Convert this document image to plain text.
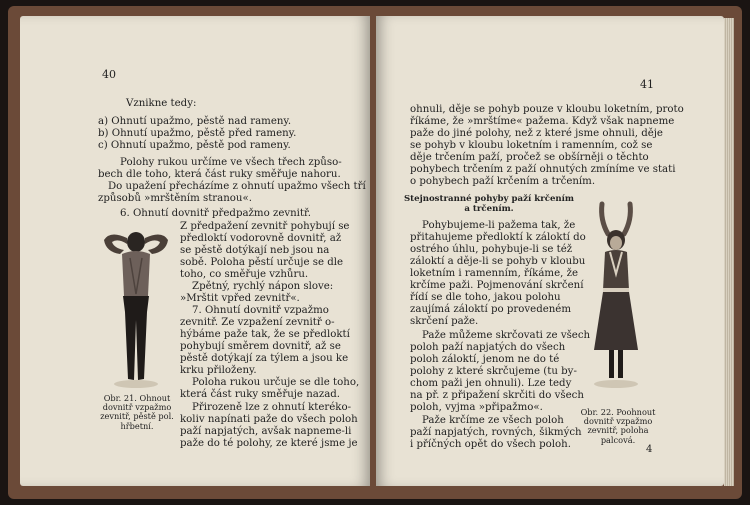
40
Vznikne tedy:
a) Ohnutí upažmo, pěstě nad rameny.
b) Ohnutí upažmo, pěstě před rameny.
c) Ohnutí upažmo, pěstě pod rameny.
Polohy rukou určíme ve všech třech způso-
bech dle toho, která část ruky směřuje nahoru.
Do upažení přecházíme z ohnutí upažmo všech tří
způsobů »mrštěním stranou«.
6. Ohnutí dovnitř předpažmo zevnitř.
Z předpažení zevnitř pohybují se
předloktí vodorovně dovnitř, až
se pěstě dotýkají neb jsou na
sobě. Poloha pěstí určuje se dle
toho, co směřuje vzhůru.
Zpětný, rychlý nápon slove:
»Mrštit vpřed zevnitř«.
7. Ohnutí dovnitř vzpažmo
zevnitř. Ze vzpažení zevnitř o-
hýbáme paže tak, že se předloktí
pohybují směrem dovnitř, až se
pěstě dotýkají za týlem a jsou ke
krku přiloženy.
Poloha rukou určuje se dle toho,
která část ruky směřuje nazad.
Přirozeně lze z ohnutí kteréko-
koliv napínati paže do všech poloh
paží napjatých, avšak napneme-li
paže do té polohy, ze které jsme je
Obr. 21. Ohnout
dovnitř vzpažmo
zevnitř, pěstě pol.
hřbetní.
41
ohnuli, děje se pohyb pouze v kloubu loketním, proto
říkáme, že »mrštíme« pažema. Když však napneme
paže do jiné polohy, než z které jsme ohnuli, děje
se pohyb v kloubu loketním i ramenním, což se
děje trčením paží, pročež se obšírněji o těchto
pohybech trčením z paží ohnutých zmíníme ve stati
o pohybech paží krčením a trčením.
Stejnostranné pohyby paží krčením
a trčením.
Pohybujeme-li pažema tak, že
přitahujeme předloktí k záloktí do
ostrého úhlu, pohybuje-li se též
záloktí a děje-li se pohyb v kloubu
loketním i ramenním, říkáme, že
krčíme paži. Pojmenování skrčení
řídí se dle toho, jakou polohu
zaujímá záloktí po provedeném
skrčení paže.
Paže můžeme skrčovati ze všech
poloh paží napjatých do všech
poloh záloktí, jenom ne do té
polohy z které skrčujeme (tu by-
chom paži jen ohnuli). Lze tedy
na př. z připažení skrčiti do všech
poloh, vyjma »připažmo«.
Paže krčíme ze všech poloh
paží napjatých, rovných, šikmých
i příčných opět do všech poloh.
Obr. 22. Poohnout
dovnitř vzpažmo
zevnitř, poloha
palcová.
4
